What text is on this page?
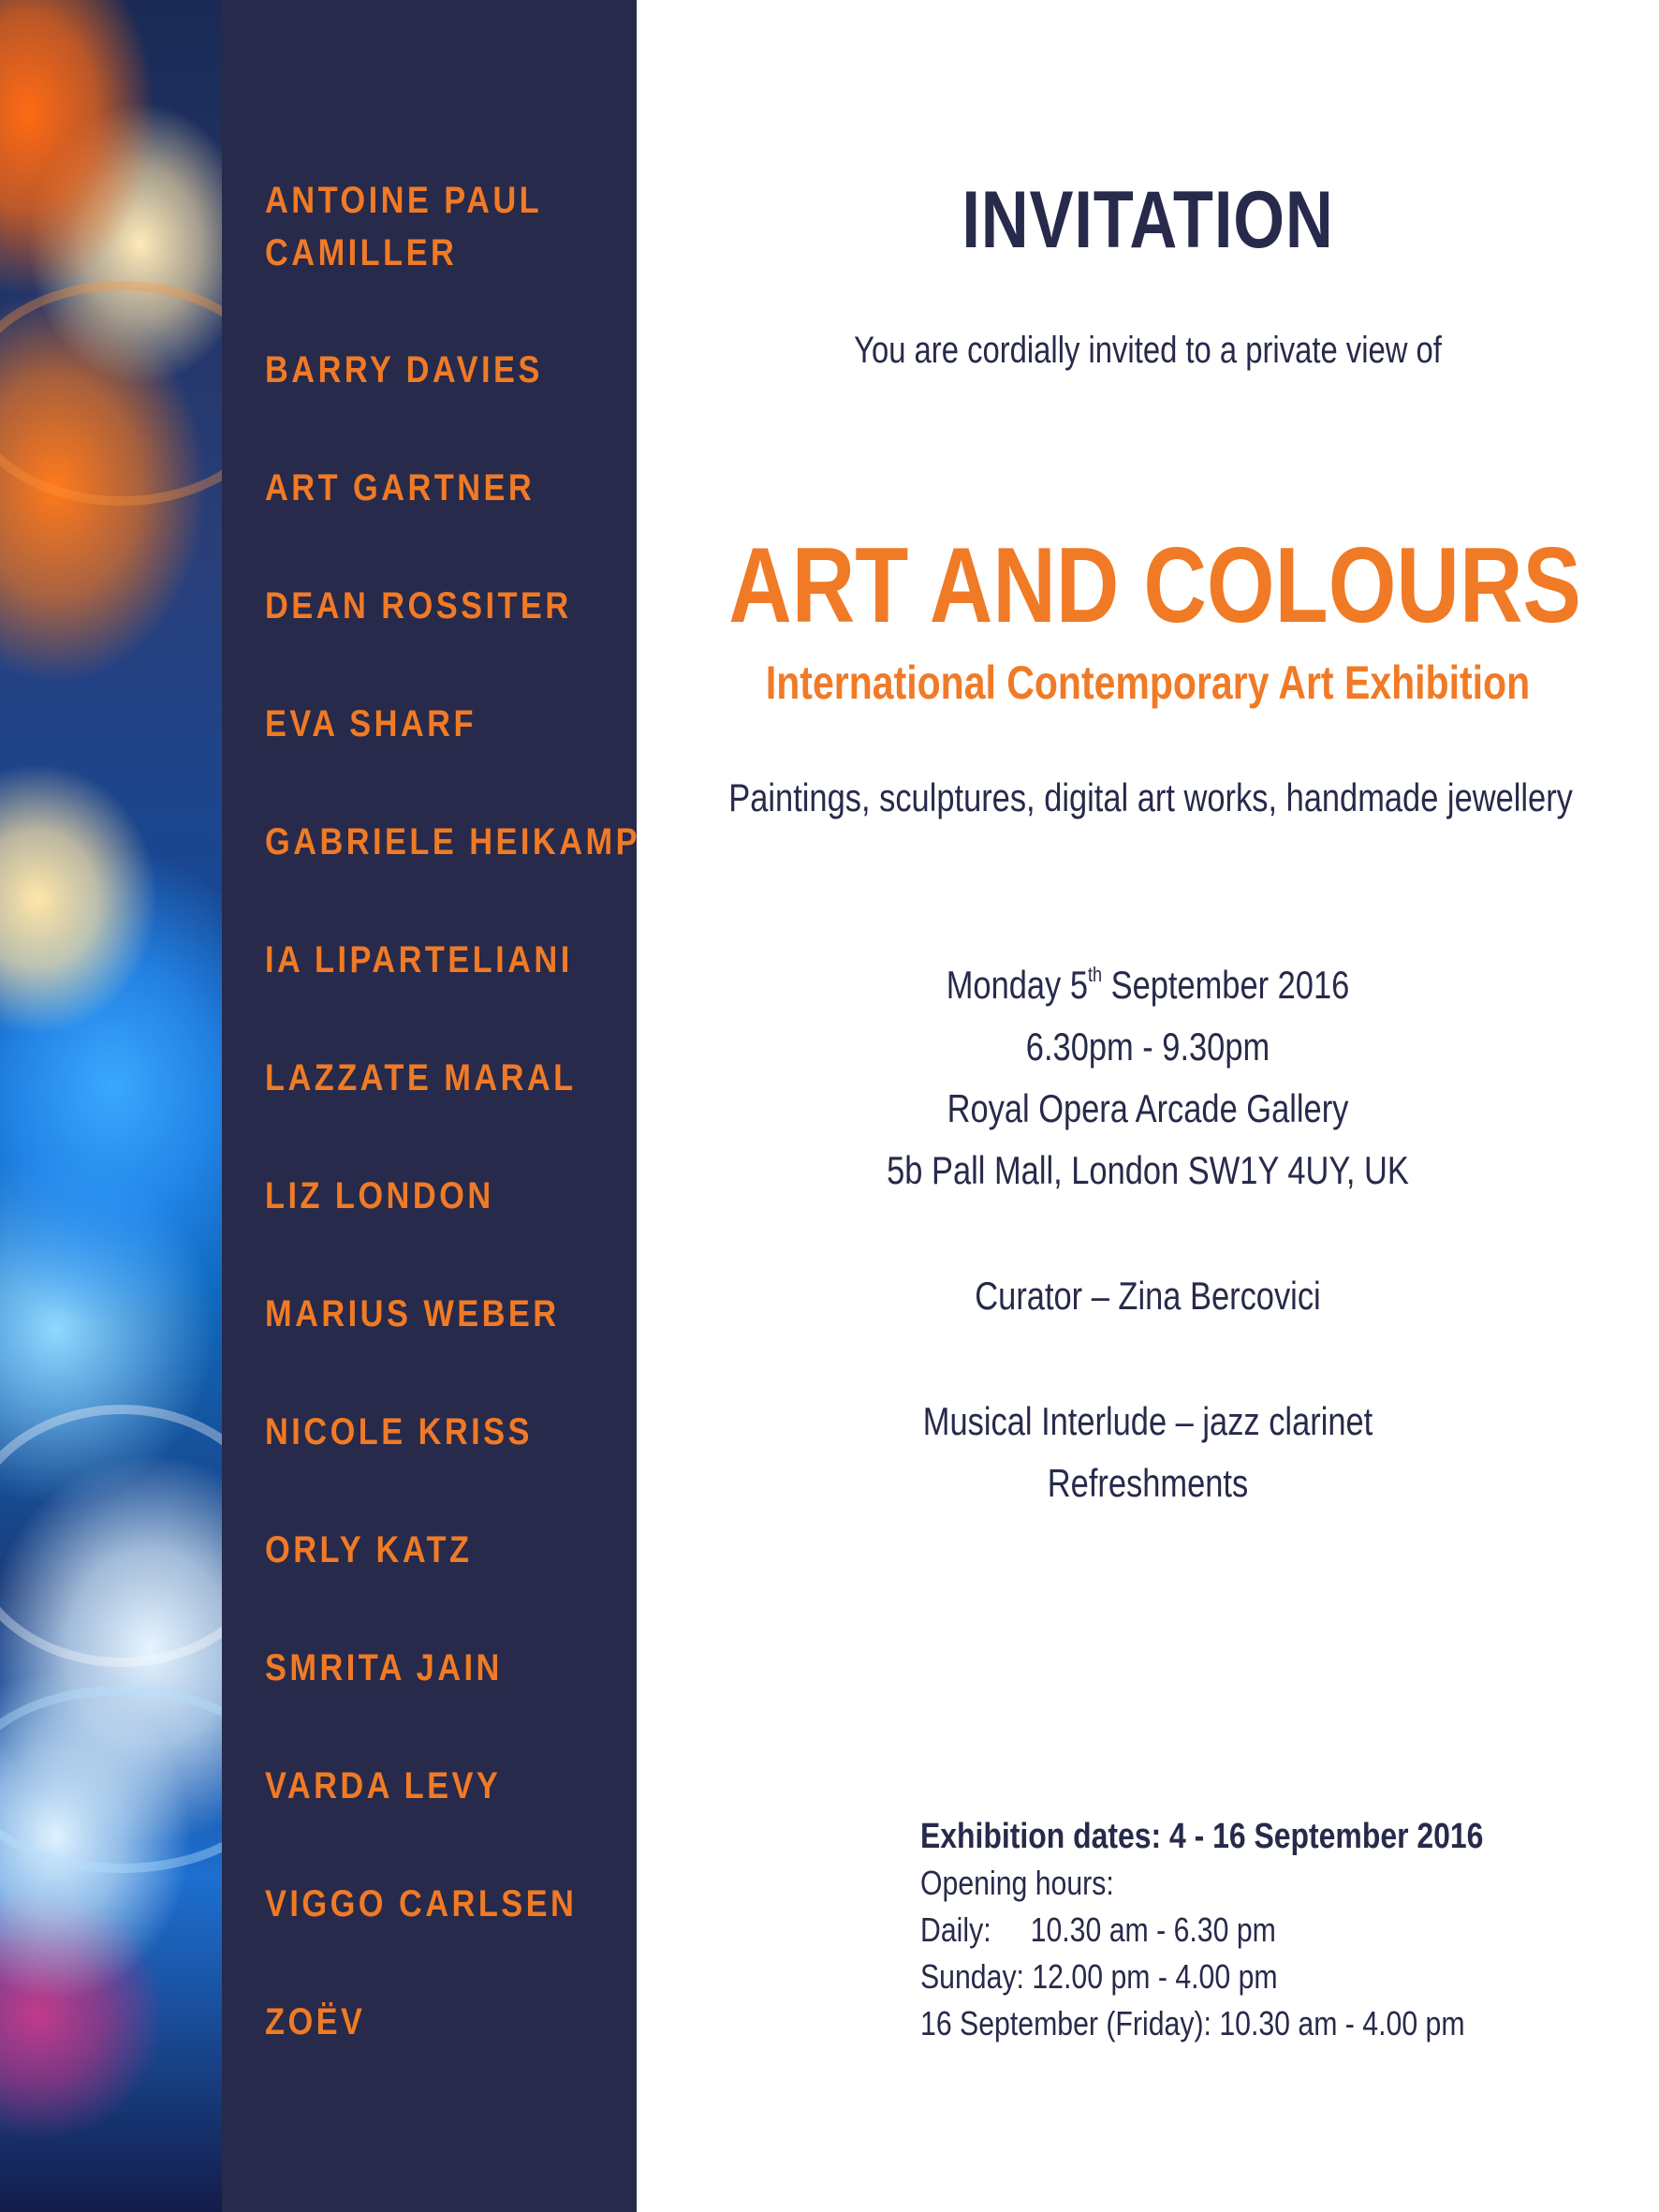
ANTOINE PAUL
CAMILLER
BARRY DAVIES
ART GARTNER
DEAN ROSSITER
EVA SHARF
GABRIELE HEIKAMP
IA LIPARTELIANI
LAZZATE MARAL
LIZ LONDON
MARIUS WEBER
NICOLE KRISS
ORLY KATZ
SMRITA JAIN
VARDA LEVY
VIGGO CARLSEN
ZOËV
INVITATION
You are cordially invited to a private view of
ART AND COLOURS
International Contemporary Art Exhibition
Paintings, sculptures, digital art works, handmade jewellery
Monday 5th September 2016
6.30pm - 9.30pm
Royal Opera Arcade Gallery
5b Pall Mall, London SW1Y 4UY, UK
Curator – Zina Bercovici
Musical Interlude – jazz clarinet
Refreshments
Exhibition dates: 4 - 16 September 2016
Opening hours:
Daily:     10.30 am - 6.30 pm
Sunday: 12.00 pm - 4.00 pm
16 September (Friday): 10.30 am - 4.00 pm
